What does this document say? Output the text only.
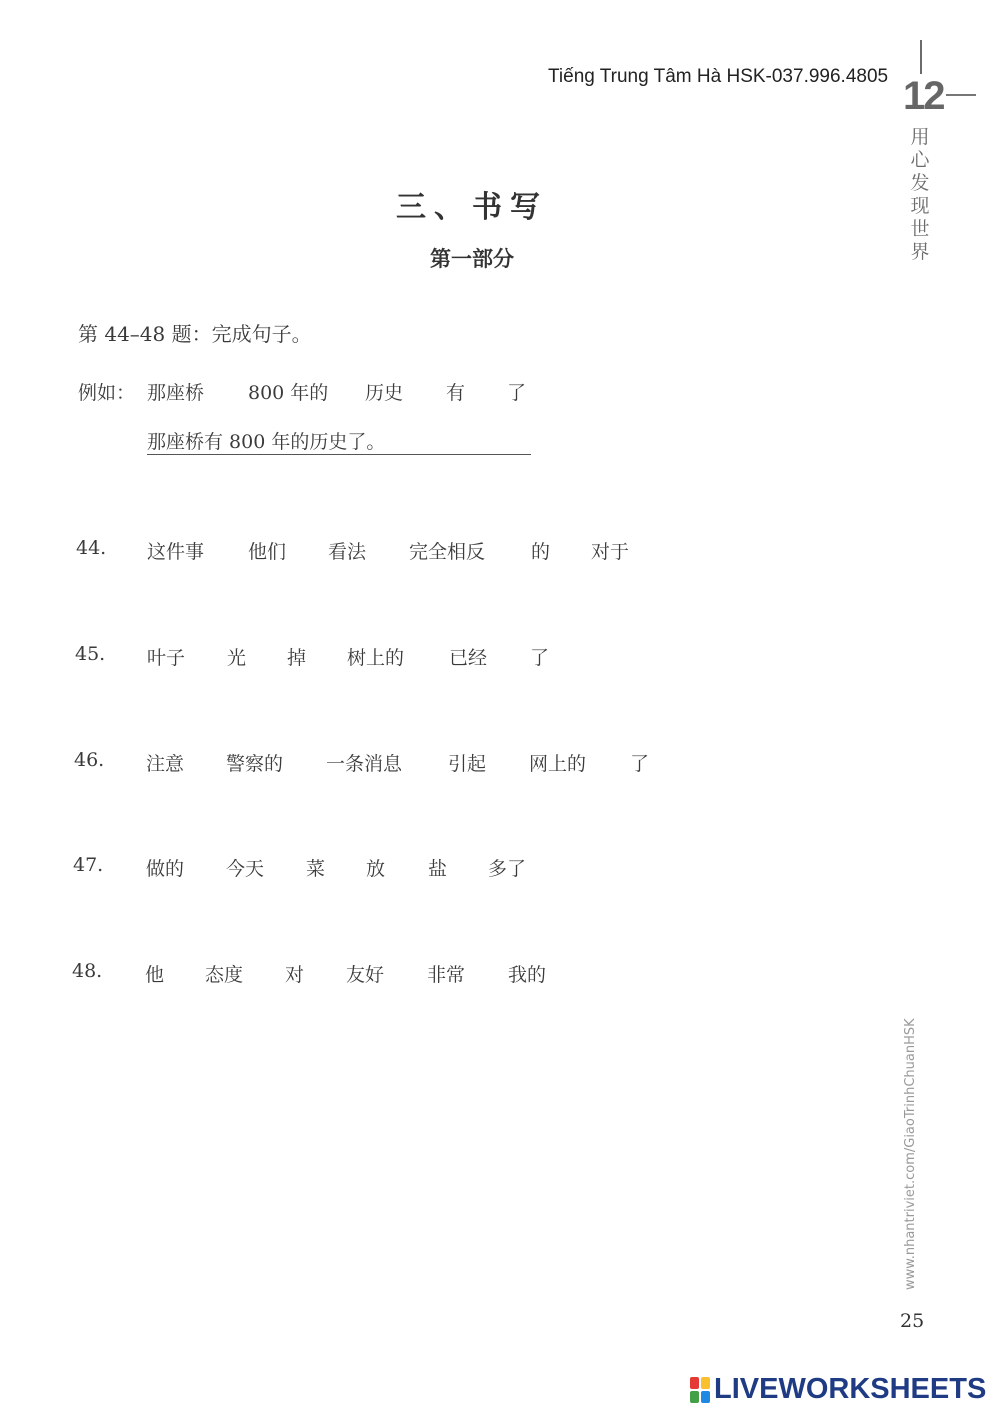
Tiếng Trung Tâm Hà HSK-037.996.4805 12
用心发现世界
三、书写
第一部分
第 44–48 题：完成句子。
例如： 那座桥 800 年的 历史 有 了
那座桥有 800 年的历史了。
44. 这件事 他们 看法 完全相反 的 对于
45. 叶子 光 掉 树上的 已经 了
46. 注意 警察的 一条消息 引起 网上的 了
47. 做的 今天 菜 放 盐 多了
48. 他 态度 对 友好 非常 我的
www.nhantriviet.com/GiaoTrinhChuanHSK
25
LIVEWORKSHEETS
